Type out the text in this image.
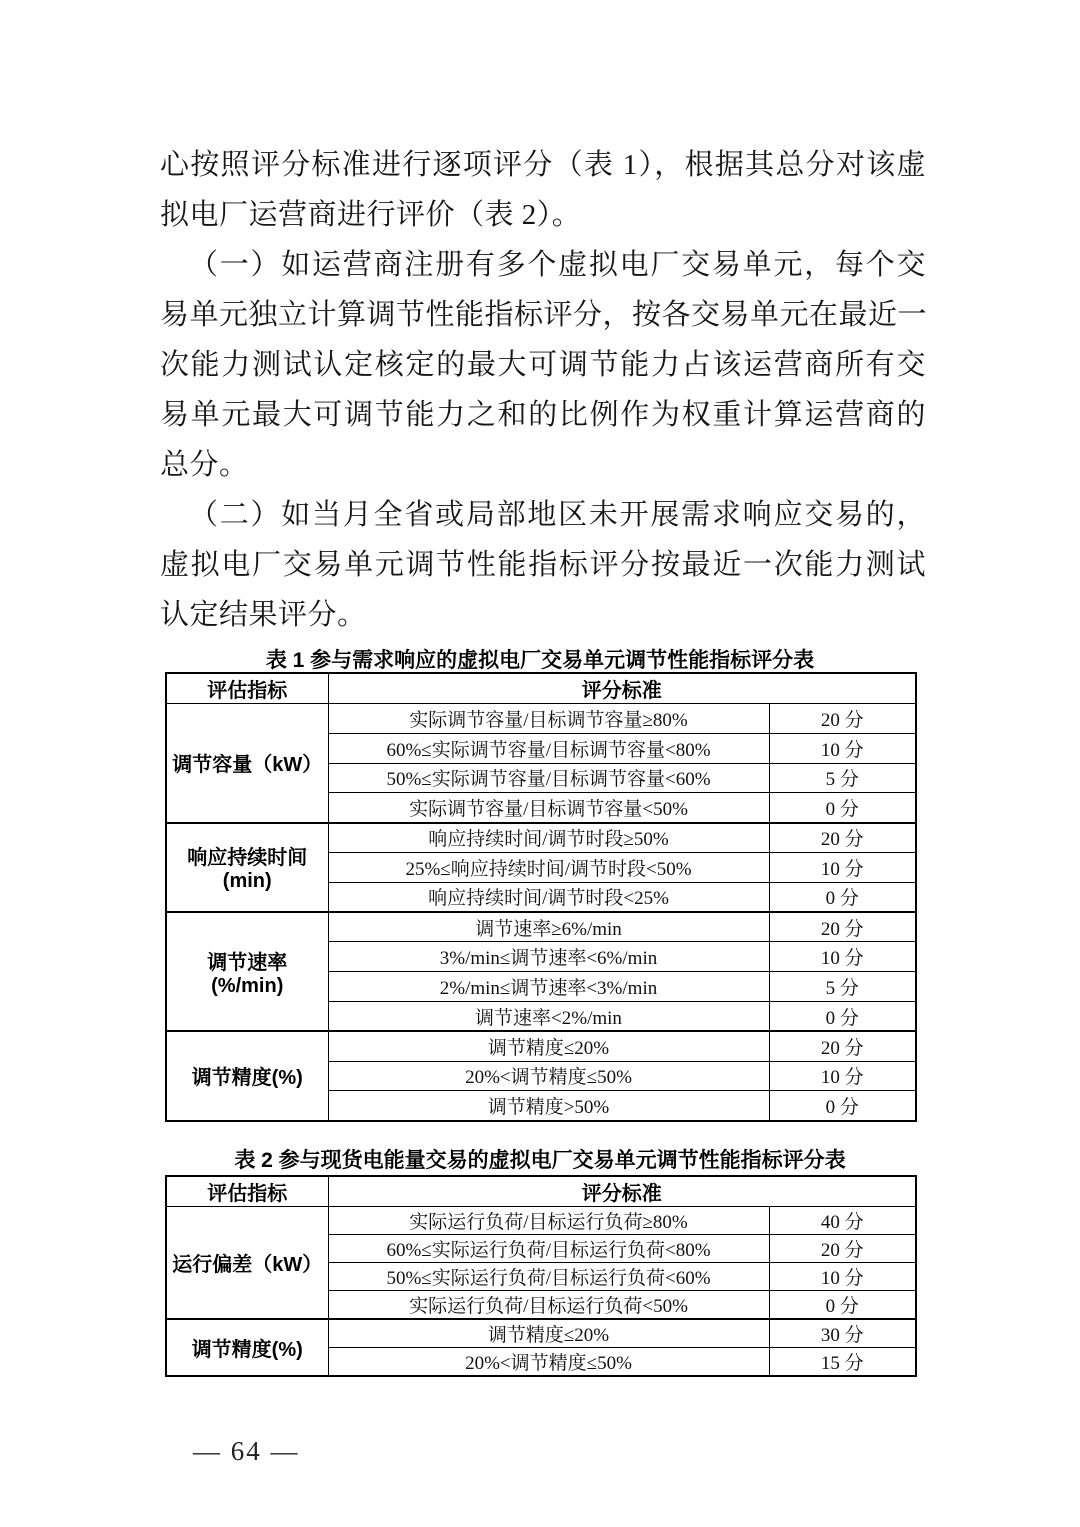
心按照评分标准进行逐项评分（表 1），根据其总分对该虚
拟电厂运营商进行评价（表 2）。
（一）如运营商注册有多个虚拟电厂交易单元，每个交
易单元独立计算调节性能指标评分，按各交易单元在最近一
次能力测试认定核定的最大可调节能力占该运营商所有交
易单元最大可调节能力之和的比例作为权重计算运营商的
总分。
（二）如当月全省或局部地区未开展需求响应交易的，
虚拟电厂交易单元调节性能指标评分按最近一次能力测试
认定结果评分。
表 1 参与需求响应的虚拟电厂交易单元调节性能指标评分表
评估指标	评分标准	
调节容量（kW）	实际调节容量/目标调节容量≥80%	20 分
	60%≤实际调节容量/目标调节容量<80%	10 分
	50%≤实际调节容量/目标调节容量<60%	5 分
	实际调节容量/目标调节容量<50%	0 分
响应持续时间(min)	响应持续时间/调节时段≥50%	20 分
	25%≤响应持续时间/调节时段<50%	10 分
	响应持续时间/调节时段<25%	0 分
调节速率 (%/min)	调节速率≥6%/min	20 分
	3%/min≤调节速率<6%/min	10 分
	2%/min≤调节速率<3%/min	5 分
	调节速率<2%/min	0 分
调节精度(%)	调节精度≤20%	20 分
	20%<调节精度≤50%	10 分
	调节精度>50%	0 分
表 2 参与现货电能量交易的虚拟电厂交易单元调节性能指标评分表
评估指标	评分标准	
运行偏差（kW）	实际运行负荷/目标运行负荷≥80%	40 分
	60%≤实际运行负荷/目标运行负荷<80%	20 分
	50%≤实际运行负荷/目标运行负荷<60%	10 分
	实际运行负荷/目标运行负荷<50%	0 分
调节精度(%)	调节精度≤20%	30 分
	20%<调节精度≤50%	15 分
— 64 —
